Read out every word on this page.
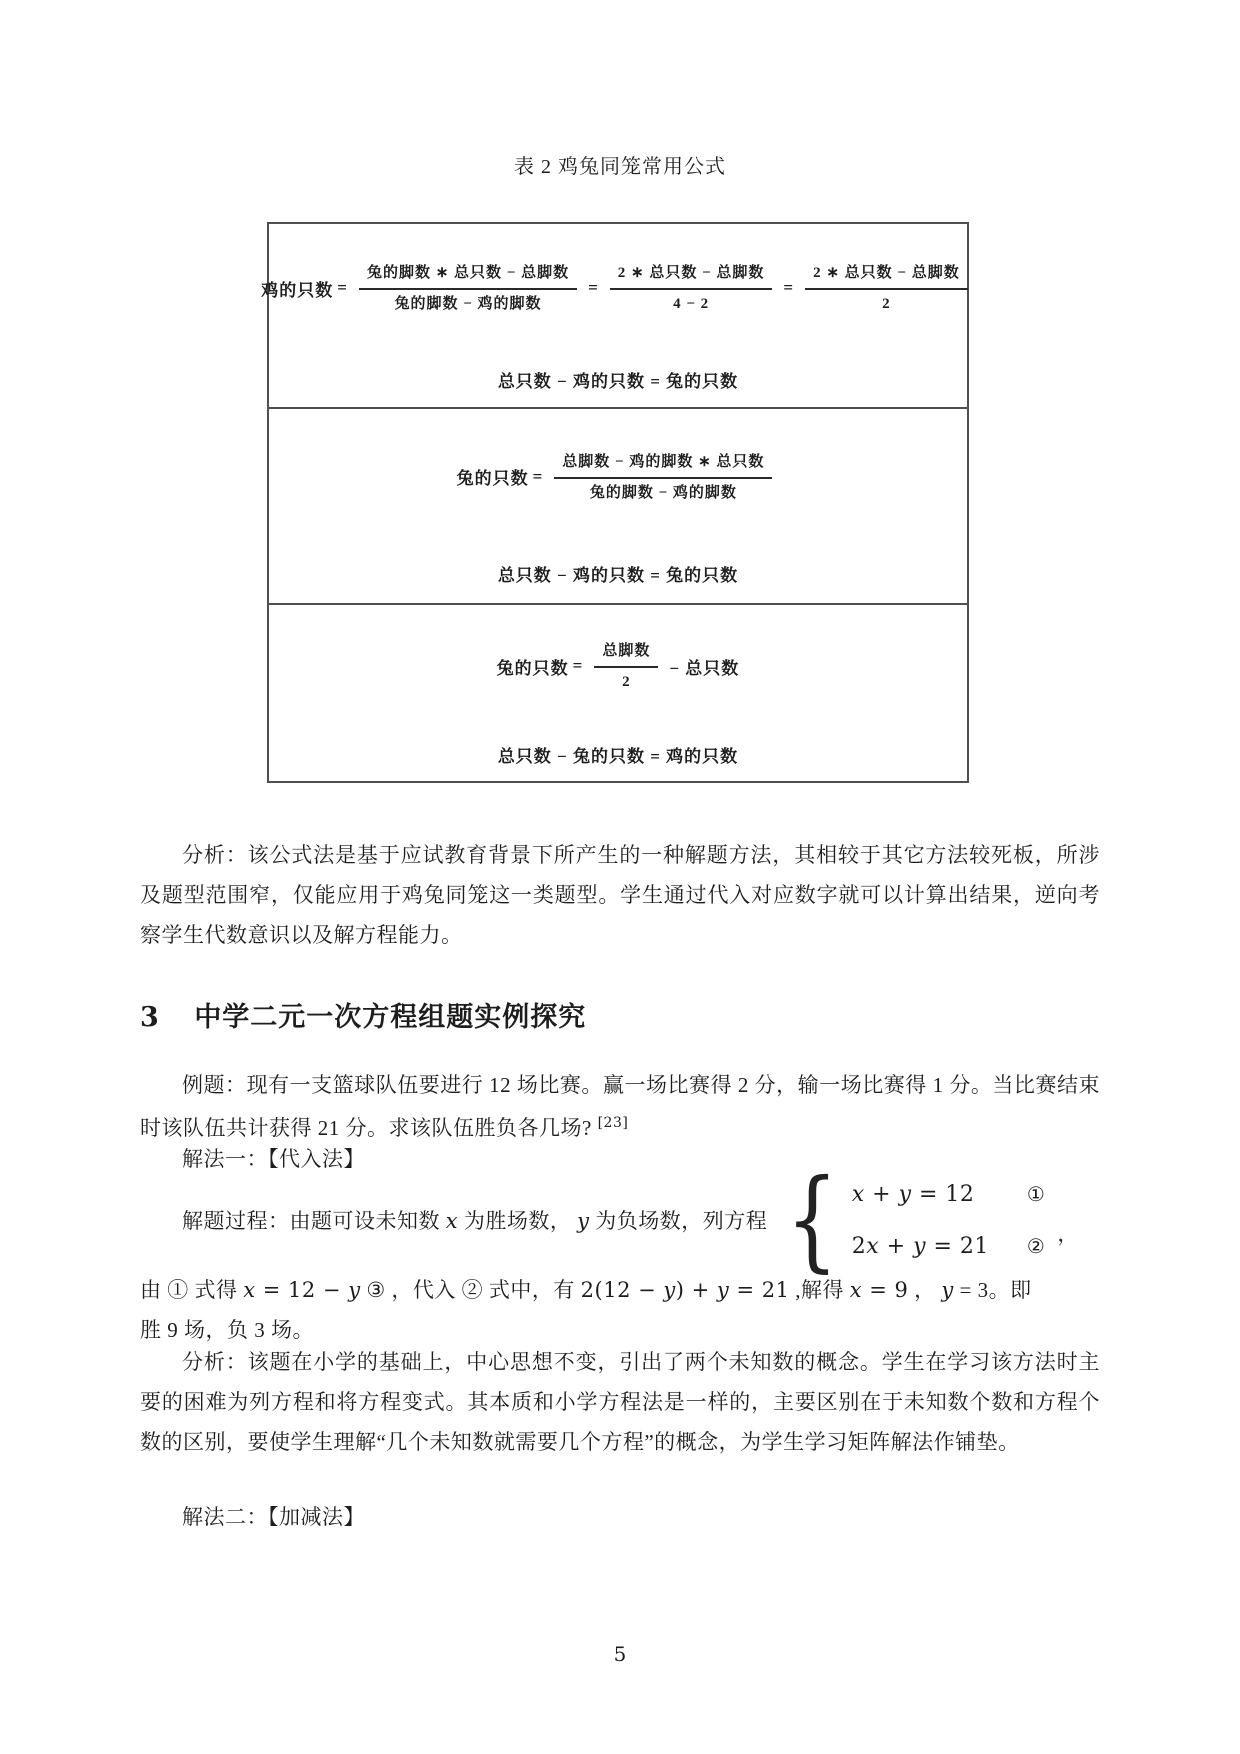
表 2 鸡兔同笼常用公式
鸡的只数 = $\frac{\text{兔的脚数 ∗ 总只数 − 总脚数}}{\text{兔的脚数 − 鸡的脚数}} = \frac{\text{2 ∗ 总只数 − 总脚数}}{4 - 2} = \frac{\text{2 ∗ 总只数 − 总脚数}}{2}$
总只数 − 鸡的只数 = 兔的只数
兔的只数 = $\frac{\text{总脚数 − 鸡的脚数 ∗ 总只数}}{\text{兔的脚数 − 鸡的脚数}}$
总只数 − 鸡的只数 = 兔的只数
兔的只数 = $\frac{\text{总脚数}}{2}$ − 总只数
总只数 − 兔的只数 = 鸡的只数
分析：该公式法是基于应试教育背景下所产生的一种解题方法，其相较于其它方法较死板，所涉及题型范围窄，仅能应用于鸡兔同笼这一类题型。学生通过代入对应数字就可以计算出结果，逆向考察学生代数意识以及解方程能力。
3 中学二元一次方程组题实例探究
例题：现有一支篮球队伍要进行 12 场比赛。赢一场比赛得 2 分，输一场比赛得 1 分。当比赛结束时该队伍共计获得 21 分。求该队伍胜负各几场? [23]
解法一：【代入法】
解题过程：由题可设未知数 x 为胜场数， y 为负场数，列方程 { x + y = 12	①
2x + y = 21 ② ，
由 ① 式得 x = 12 − y ③ ，代入 ② 式中，有 2(12 − y) + y = 21 ,解得 x = 9 ， y = 3。即
胜 9 场，负 3 场。
分析：该题在小学的基础上，中心思想不变，引出了两个未知数的概念。学生在学习该方法时主要的困难为列方程和将方程变式。其本质和小学方程法是一样的，主要区别在于未知数个数和方程个数的区别，要使学生理解“几个未知数就需要几个方程”的概念，为学生学习矩阵解法作铺垫。
解法二：【加减法】
5
